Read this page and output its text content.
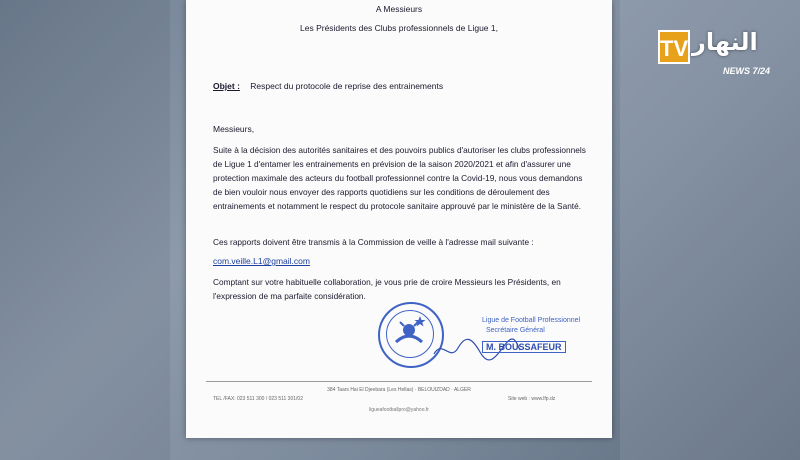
A Messieurs
Les Présidents des Clubs professionnels de Ligue 1,
Objet : Respect du protocole de reprise des entrainements
Messieurs,
Suite à la décision des autorités sanitaires et des pouvoirs publics d'autoriser les clubs professionnels de Ligue 1 d'entamer les entrainements en prévision de la saison 2020/2021 et afin d'assurer une protection maximale des acteurs du football professionnel contre la Covid-19, nous vous demandons de bien vouloir nous envoyer des rapports quotidiens sur les conditions de déroulement des entrainements et notamment le respect du protocole sanitaire approuvé par le ministère de la Santé.
Ces rapports doivent être transmis à la Commission de veille à l'adresse mail suivante :
com.veille.L1@gmail.com
Comptant sur votre habituelle collaboration, je vous prie de croire Messieurs les Présidents, en l'expression de ma parfaite considération.
Ligue de Football Professionnel
Secrétaire Général
M. BOUSSAFEUR
384 Taars Hai El Djeebara (Les Hellas) · BELOUIZDAD · ALGER
TEL /FAX: 023 511 300 / 023 511 301/02	Site web : www.lfp.dz
ligueafootballpro@yahoo.fr
TV النهار
NEWS 7/24
